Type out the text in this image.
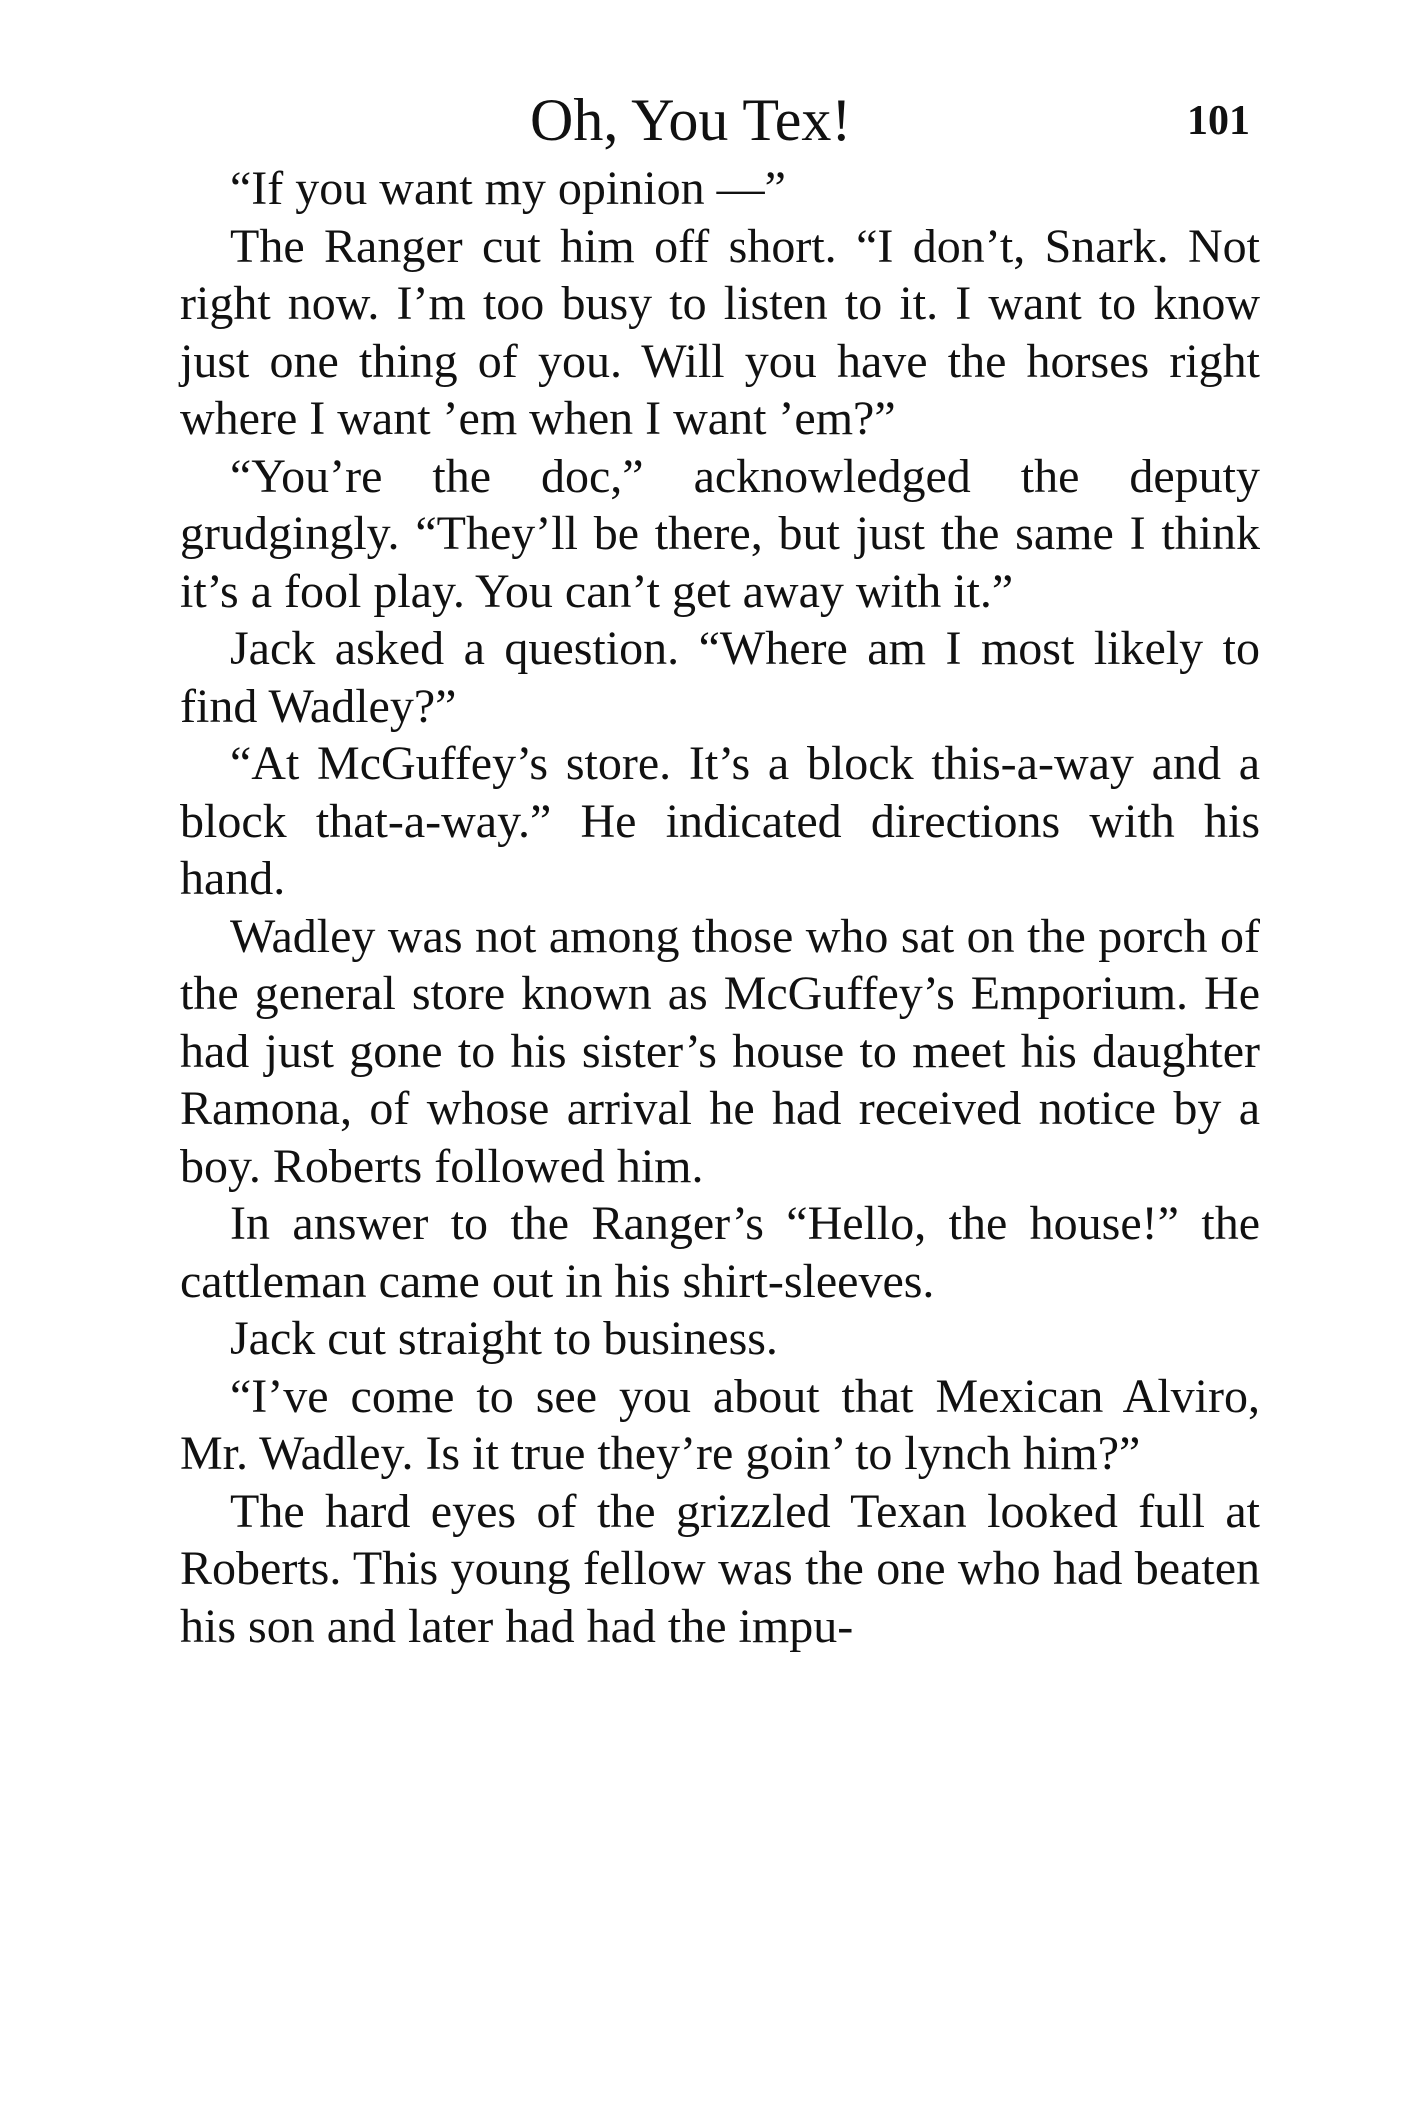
Oh, You Tex!	101

“If you want my opinion —”

The Ranger cut him off short. “I don’t, Snark. Not right now. I’m too busy to listen to it. I want to know just one thing of you. Will you have the horses right where I want ’em when I want ’em?”

“You’re the doc,” acknowledged the deputy grudgingly. “They’ll be there, but just the same I think it’s a fool play. You can’t get away with it.”

Jack asked a question. “Where am I most likely to find Wadley?”

“At McGuffey’s store. It’s a block this-a-way and a block that-a-way.” He indicated directions with his hand.

Wadley was not among those who sat on the porch of the general store known as McGuffey’s Emporium. He had just gone to his sister’s house to meet his daughter Ramona, of whose arrival he had received notice by a boy. Roberts followed him.

In answer to the Ranger’s “Hello, the house!” the cattleman came out in his shirt-sleeves.

Jack cut straight to business.

“I’ve come to see you about that Mexican Alviro, Mr. Wadley. Is it true they’re goin’ to lynch him?”

The hard eyes of the grizzled Texan looked full at Roberts. This young fellow was the one who had beaten his son and later had had the impu-
